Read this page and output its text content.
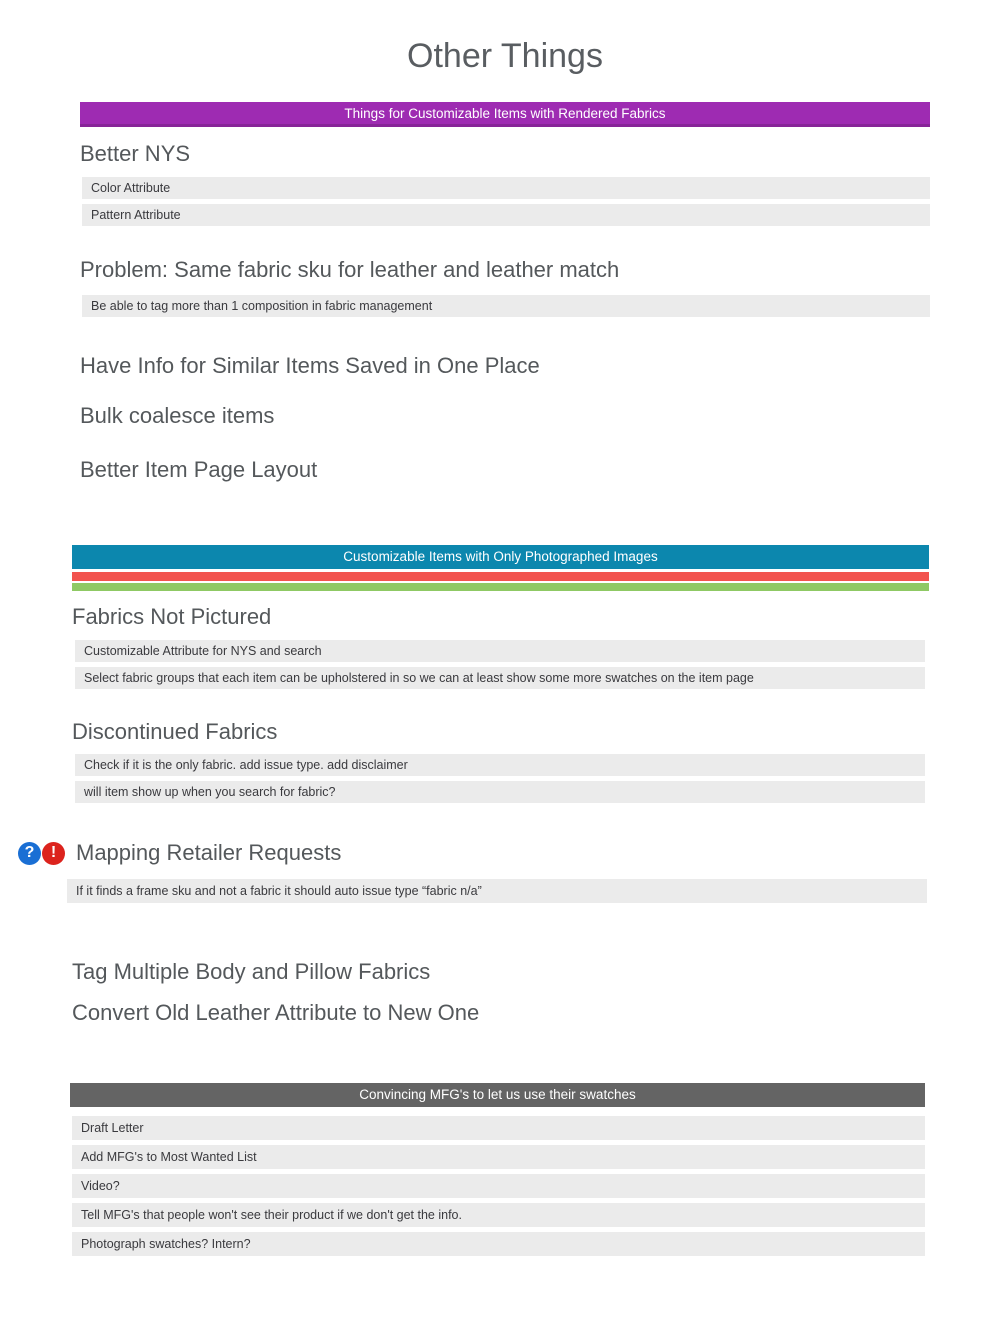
Other Things
Things for Customizable Items with Rendered Fabrics
Better NYS
Color Attribute
Pattern Attribute
Problem: Same fabric sku for leather and leather match
Be able to tag more than 1 composition in fabric management
Have Info for Similar Items Saved in One Place
Bulk coalesce items
Better Item Page Layout
Customizable Items with Only Photographed Images
Fabrics Not Pictured
Customizable Attribute for NYS and search
Select fabric groups that each item can be upholstered in so we can at least show some more swatches on the item page
Discontinued Fabrics
Check if it is the only fabric. add issue type. add disclaimer
will item show up when you search for fabric?
?	! Mapping Retailer Requests
If it finds a frame sku and not a fabric it should auto issue type “fabric n/a”
Tag Multiple Body and Pillow Fabrics
Convert Old Leather Attribute to New One
Convincing MFG's to let us use their swatches
Draft Letter
Add MFG's to Most Wanted List
Video?
Tell MFG's that people won't see their product if we don't get the info.
Photograph swatches? Intern?
